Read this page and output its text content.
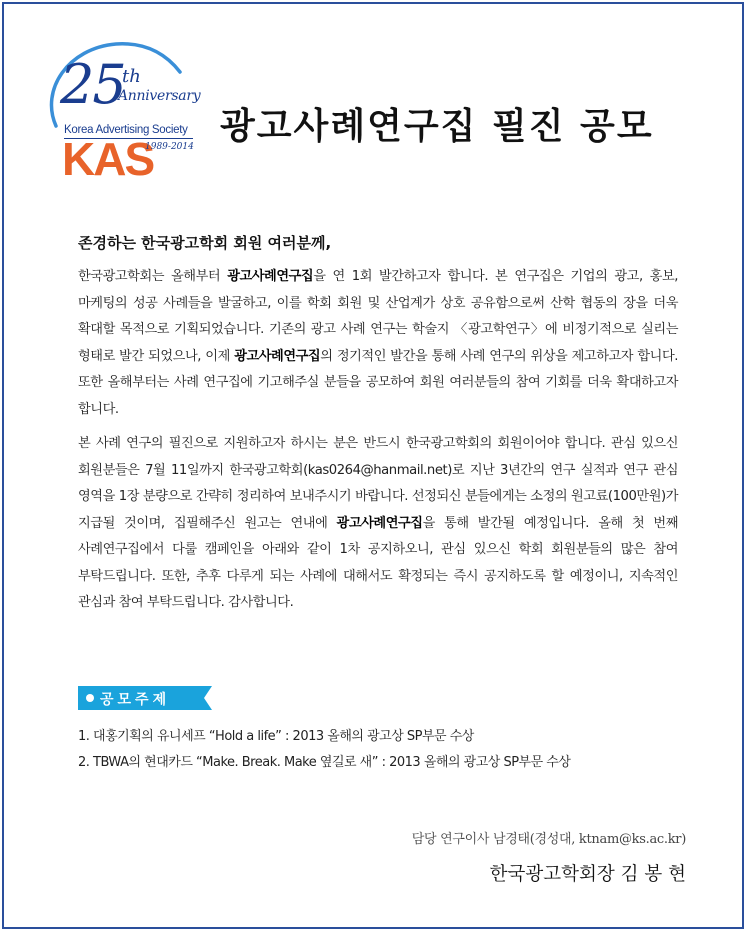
25
th
Anniversary
Korea Advertising Society
KAS
1989-2014 광고사례연구집 필진 공모

존경하는 한국광고학회 회원 여러분께,

한국광고학회는 올해부터 광고사례연구집을 연 1회 발간하고자 합니다. 본 연구집은 기업의 광고, 홍보, 마케팅의 성공 사례들을 발굴하고, 이를 학회 회원 및 산업계가 상호 공유함으로써 산학 협동의 장을 더욱 확대할 목적으로 기획되었습니다. 기존의 광고 사례 연구는 학술지 〈광고학연구〉에 비정기적으로 실리는 형태로 발간 되었으나, 이제 광고사례연구집의 정기적인 발간을 통해 사례 연구의 위상을 제고하고자 합니다. 또한 올해부터는 사례 연구집에 기고해주실 분들을 공모하여 회원 여러분들의 참여 기회를 더욱 확대하고자 합니다.

본 사례 연구의 필진으로 지원하고자 하시는 분은 반드시 한국광고학회의 회원이어야 합니다. 관심 있으신 회원분들은 7월 11일까지 한국광고학회(kas0264@hanmail.net)로 지난 3년간의 연구 실적과 연구 관심 영역을 1장 분량으로 간략히 정리하여 보내주시기 바랍니다. 선정되신 분들에게는 소정의 원고료(100만원)가 지급될 것이며, 집필해주신 원고는 연내에 광고사례연구집을 통해 발간될 예정입니다. 올해 첫 번째 사례연구집에서 다룰 캠페인을 아래와 같이 1차 공지하오니, 관심 있으신 학회 회원분들의 많은 참여 부탁드립니다. 또한, 추후 다루게 되는 사례에 대해서도 확정되는 즉시 공지하도록 할 예정이니, 지속적인 관심과 참여 부탁드립니다. 감사합니다.

공모주제
1. 대홍기획의 유니세프 “Hold a life” : 2013 올해의 광고상 SP부문 수상
2. TBWA의 현대카드 “Make. Break. Make 옆길로 새” : 2013 올해의 광고상 SP부문 수상
담당 연구이사 남경태(경성대, ktnam@ks.ac.kr)
한국광고학회장 김 봉 현
